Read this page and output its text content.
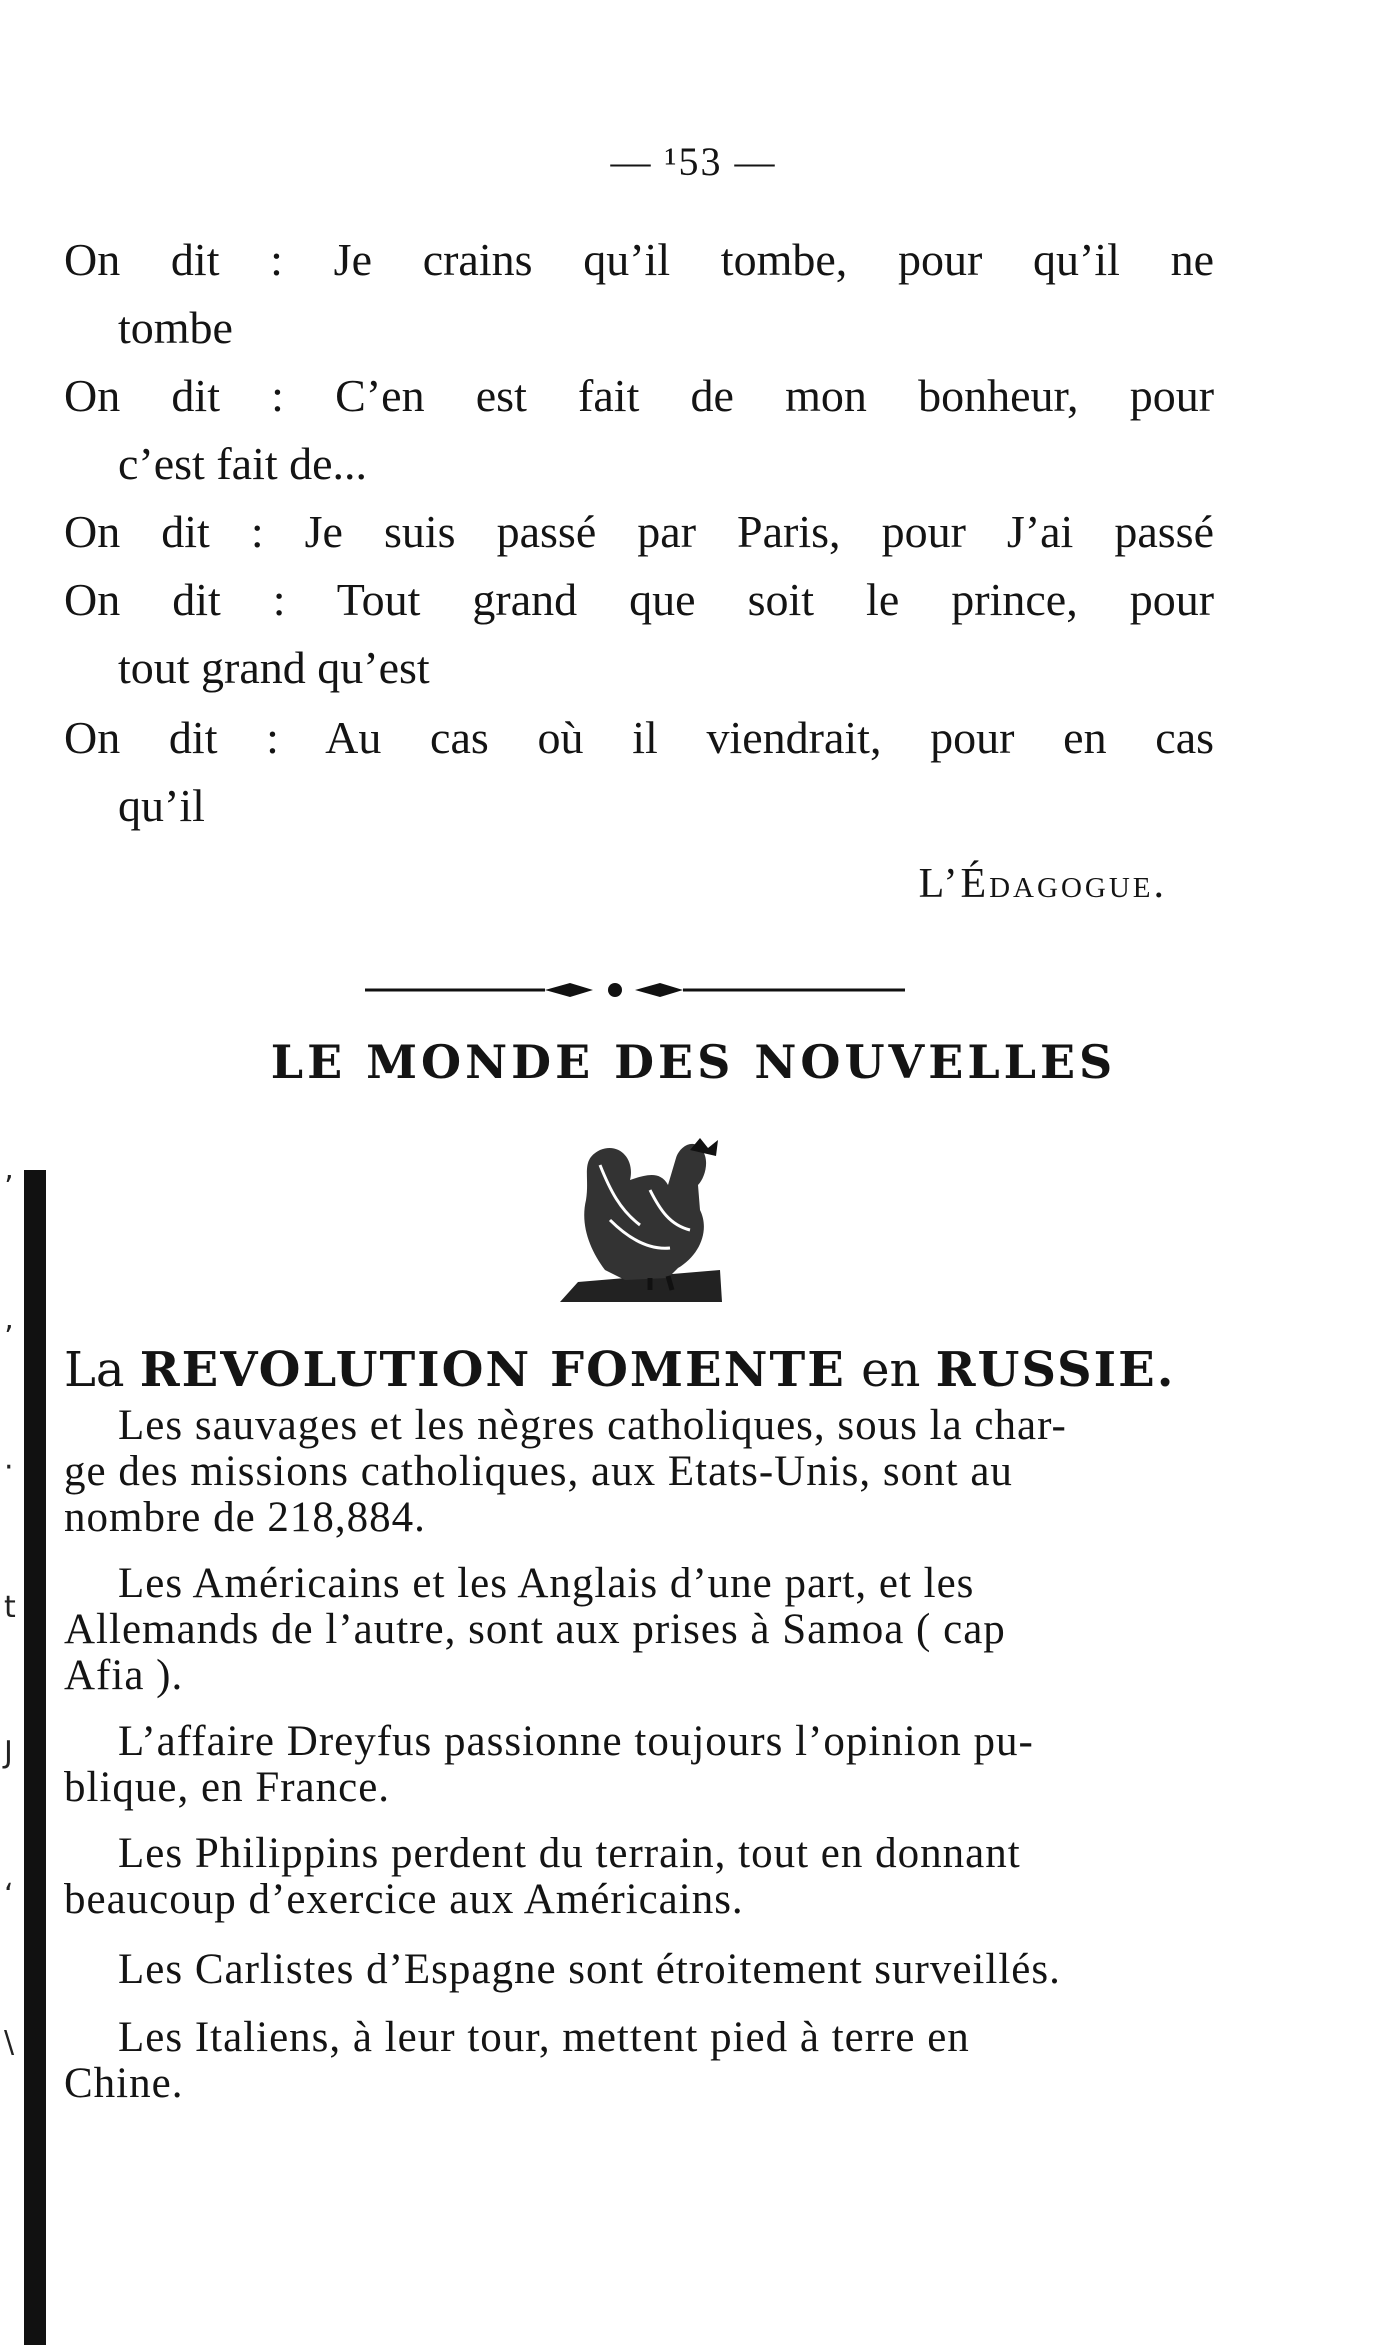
— ¹53 —
On dit : Je crains qu’il tombe, pour qu’il ne
tombe
On dit : C’en est fait de mon bonheur, pour
c’est fait de...
On dit : Je suis passé par Paris, pour J’ai passé
On dit : Tout grand que soit le prince, pour
tout grand qu’est
On dit : Au cas où il viendrait, pour en cas
qu’il
L’Édagogue.
LE MONDE DES NOUVELLES
’
’
·
t
J
‘
\
La REVOLUTION FOMENTE en RUSSIE.
Les sauvages et les nègres catholiques, sous la char-
ge des missions catholiques, aux Etats-Unis, sont au
nombre de 218,884.
Les Américains et les Anglais d’une part, et les
Allemands de l’autre, sont aux prises à Samoa ( cap
Afia ).
L’affaire Dreyfus passionne toujours l’opinion pu-
blique, en France.
Les Philippins perdent du terrain, tout en donnant
beaucoup d’exercice aux Américains.
Les Carlistes d’Espagne sont étroitement surveillés.
Les Italiens, à leur tour, mettent pied à terre en
Chine.
